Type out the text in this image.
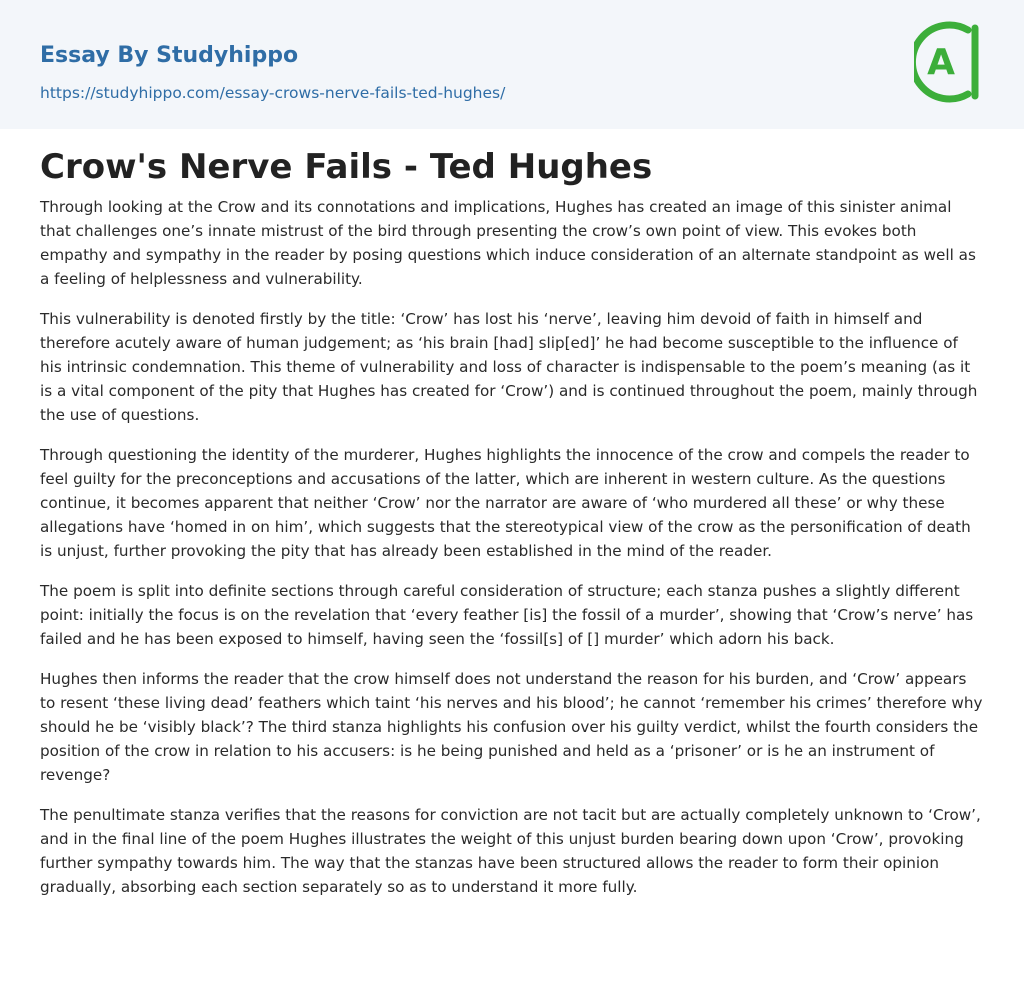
Essay By Studyhippo
https://studyhippo.com/essay-crows-nerve-fails-ted-hughes/
A
Crow's Nerve Fails - Ted Hughes

Through looking at the Crow and its connotations and implications, Hughes has created an image of this sinister animal that challenges one’s innate mistrust of the bird through presenting the crow’s own point of view. This evokes both empathy and sympathy in the reader by posing questions which induce consideration of an alternate standpoint as well as a feeling of helplessness and vulnerability.

This vulnerability is denoted firstly by the title: ‘Crow’ has lost his ‘nerve’, leaving him devoid of faith in himself and therefore acutely aware of human judgement; as ‘his brain [had] slip[ed]’ he had become susceptible to the influence of his intrinsic condemnation. This theme of vulnerability and loss of character is indispensable to the poem’s meaning (as it is a vital component of the pity that Hughes has created for ‘Crow’) and is continued throughout the poem, mainly through the use of questions.

Through questioning the identity of the murderer, Hughes highlights the innocence of the crow and compels the reader to feel guilty for the preconceptions and accusations of the latter, which are inherent in western culture. As the questions continue, it becomes apparent that neither ‘Crow’ nor the narrator are aware of ‘who murdered all these’ or why these allegations have ‘homed in on him’, which suggests that the stereotypical view of the crow as the personification of death is unjust, further provoking the pity that has already been established in the mind of the reader.

The poem is split into definite sections through careful consideration of structure; each stanza pushes a slightly different point: initially the focus is on the revelation that ‘every feather [is] the fossil of a murder’, showing that ‘Crow’s nerve’ has failed and he has been exposed to himself, having seen the ‘fossil[s] of [] murder’ which adorn his back.

Hughes then informs the reader that the crow himself does not understand the reason for his burden, and ‘Crow’ appears to resent ‘these living dead’ feathers which taint ‘his nerves and his blood’; he cannot ‘remember his crimes’ therefore why should he be ‘visibly black’? The third stanza highlights his confusion over his guilty verdict, whilst the fourth considers the position of the crow in relation to his accusers: is he being punished and held as a ‘prisoner’ or is he an instrument of revenge?

The penultimate stanza verifies that the reasons for conviction are not tacit but are actually completely unknown to ‘Crow’, and in the final line of the poem Hughes illustrates the weight of this unjust burden bearing down upon ‘Crow’, provoking further sympathy towards him. The way that the stanzas have been structured allows the reader to form their opinion gradually, absorbing each section separately so as to understand it more fully.
